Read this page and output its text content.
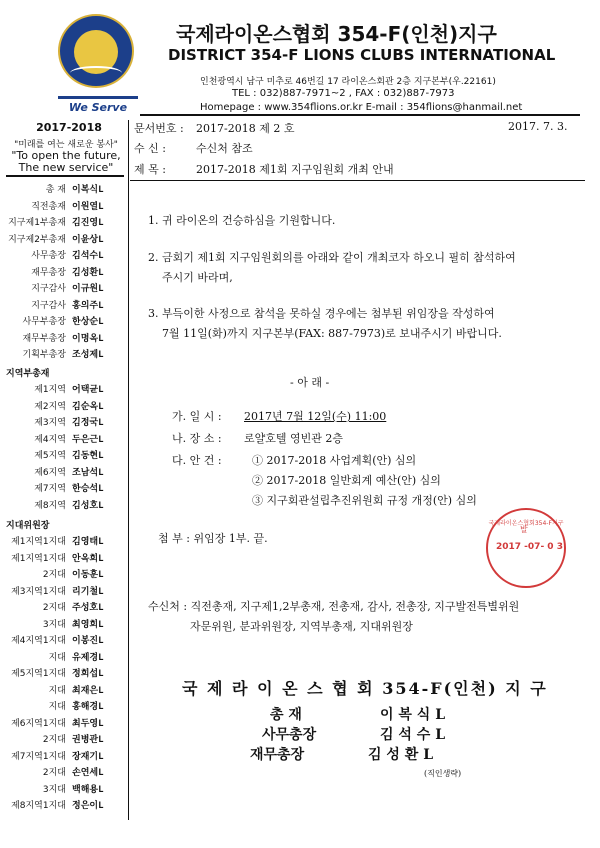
We Serve
국제라이온스협회 354-F(인천)지구
DISTRICT 354-F LIONS CLUBS INTERNATIONAL
인천광역시 남구 미추로 46번길 17 라이온스회관 2층 지구본부(우.22161)
TEL : 032)887-7971~2 , FAX : 032)887-7973
Homepage : www.354flions.or.kr E-mail : 354flions@hanmail.net
2017-2018
"미래를 여는 새로운 봉사"
"To open the future,
The new service"
총 재 이복식L
직전총재 이원열L
지구제1부총재 김진영L
지구제2부총재 이윤상L
사무총장 김석수L
재무총장 김성환L
지구감사 이규원L
지구감사 홍의주L
사무부총장 한상순L
재무부총장 이명옥L
기획부총장 조성제L
지역부총재
제1지역 어택균L
제2지역 김순옥L
제3지역 김정국L
제4지역 두은근L
제5지역 김동현L
제6지역 조남석L
제7지역 한승석L
제8지역 김성호L
지대위원장
제1지역1지대 김영태L
제1지역1지대 안옥희L
2지대 이동훈L
제3지역1지대 리기철L
2지대 주성호L
3지대 최영희L
제4지역1지대 이봉진L
지대 유제경L
제5지역1지대 정희섭L
지대 최재은L
지대 홍해경L
제6지역1지대 최두영L
2지대 권병관L
제7지역1지대 장재기L
2지대 손연세L
3지대 백해용L
제8지역1지대 정은이L
문서번호 : 2017-2018 제 2 호	2017. 7. 3.
수 신 :	수신처 참조
제 목 :	2017-2018 제1회 지구임원회 개최 안내
1. 귀 라이온의 건승하심을 기원합니다.
2. 금회기 제1회 지구임원회의를 아래와 같이 개최코자 하오니 필히 참석하여
주시기 바라며,
3. 부득이한 사정으로 참석을 못하실 경우에는 첨부된 위임장을 작성하여
7월 11일(화)까지 지구본부(FAX: 887-7973)로 보내주시기 바랍니다.
- 아 래 -
가. 일 시 : 2017년 7월 12일(수) 11:00
나. 장 소 : 로얄호텔 영빈관 2층
다. 안 건 :	① 2017-2018 사업계획(안) 심의
② 2017-2018 일반회계 예산(안) 심의
③ 지구회관설립추진위원회 규정 개정(안) 심의
첨 부 : 위임장 1부. 끝.
국제라이온스협회354-F지구
2017 -07- 0 3
발
수신처 : 직전총재, 지구제1,2부총재, 전총재, 감사, 전총장, 지구발전특별위원
자문위원, 분과위원장, 지역부총재, 지대위원장
국 제 라 이 온 스 협 회 354-F(인천) 지 구
총 재	이 복 식 L
사무총장	김 석 수 L
재무총장	김 성 환 L
(직인생략)
